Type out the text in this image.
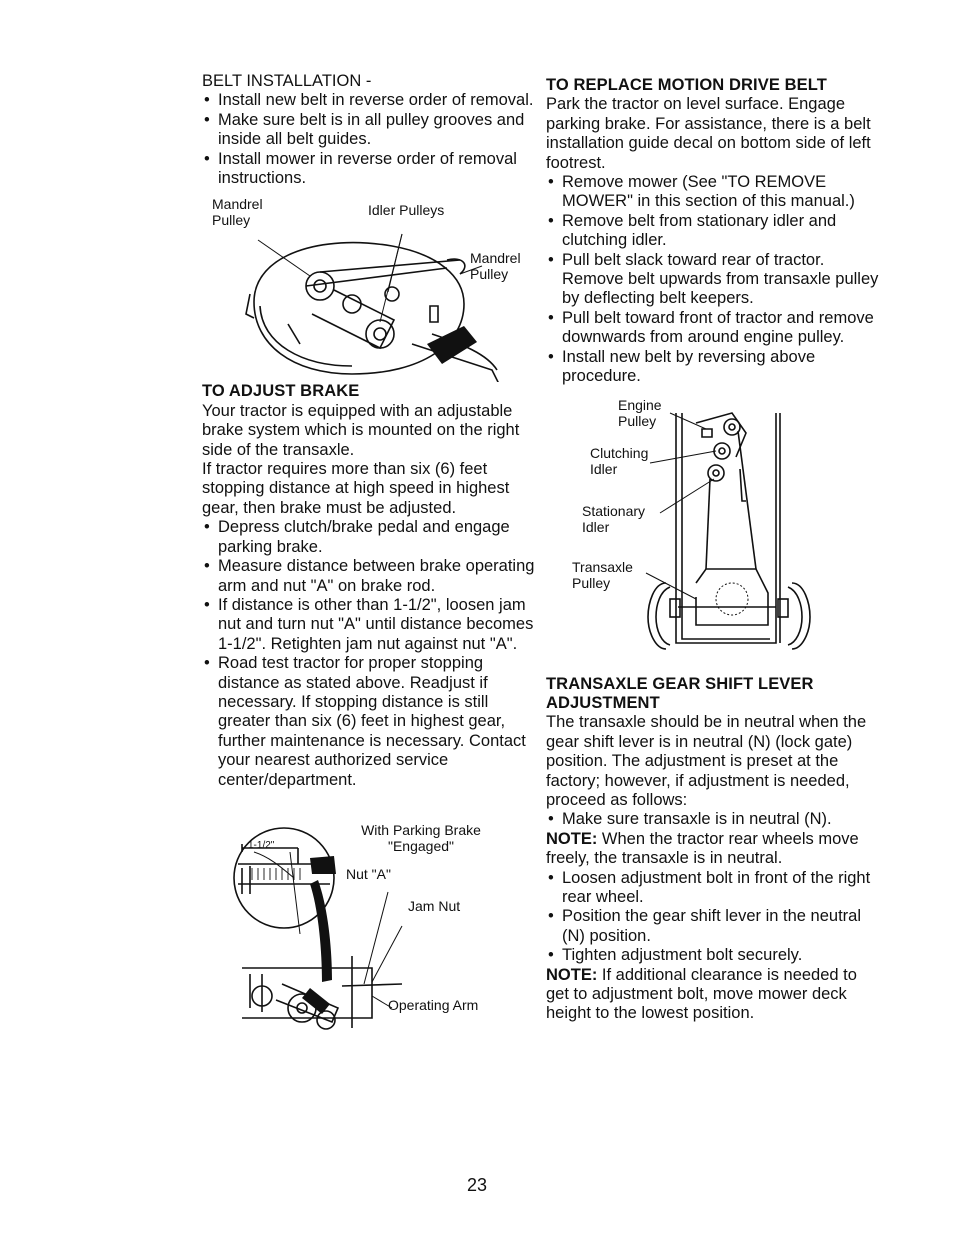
BELT INSTALLATION -

• Install new belt in reverse order of removal.
• Make sure belt is in all pulley grooves and inside all belt guides.
• Install mower in reverse order of removal instructions.
Mandrel Pulley
Idler Pulleys
Mandrel Pulley

TO ADJUST BRAKE

Your tractor is equipped with an adjustable brake system which is mounted on the right side of the transaxle.

If tractor requires more than six (6) feet stopping distance at high speed in highest gear, then brake must be adjusted.

• Depress clutch/brake pedal and engage parking brake.
• Measure distance between brake operating arm and nut "A" on brake rod.
• If distance is other than 1-1/2", loosen jam nut and turn nut "A" until distance becomes 1-1/2". Retighten jam nut against nut "A".
• Road test tractor for proper stopping distance as stated above. Readjust if necessary. If stopping distance is still greater than six (6) feet in highest gear, further maintenance is necessary. Contact your nearest authorized service center/department.
With Parking Brake "Engaged"
1-1/2"
Nut "A"
Jam Nut
Operating Arm

TO REPLACE MOTION DRIVE BELT

Park the tractor on level surface. Engage parking brake. For assistance, there is a belt installation guide decal on bottom side of left footrest.

• Remove mower (See "TO REMOVE MOWER" in this section of this manual.)
• Remove belt from stationary idler and clutching idler.
• Pull belt slack toward rear of tractor. Remove belt upwards from transaxle pulley by deflecting belt keepers.
• Pull belt toward front of tractor and remove downwards from around engine pulley.
• Install new belt by reversing above procedure.
Engine Pulley
Clutching Idler
Stationary Idler
Transaxle Pulley

TRANSAXLE GEAR SHIFT LEVER ADJUSTMENT

The transaxle should be in neutral when the gear shift lever is in neutral (N) (lock gate) position. The adjustment is preset at the factory; however, if adjustment is needed, proceed as follows:

• Make sure transaxle is in neutral (N).

NOTE: When the tractor rear wheels move freely, the transaxle is in neutral.

• Loosen adjustment bolt in front of the right rear wheel.
• Position the gear shift lever in the neutral (N) position.
• Tighten adjustment bolt securely.

NOTE: If additional clearance is needed to get to adjustment bolt, move mower deck height to the lowest position.

23
